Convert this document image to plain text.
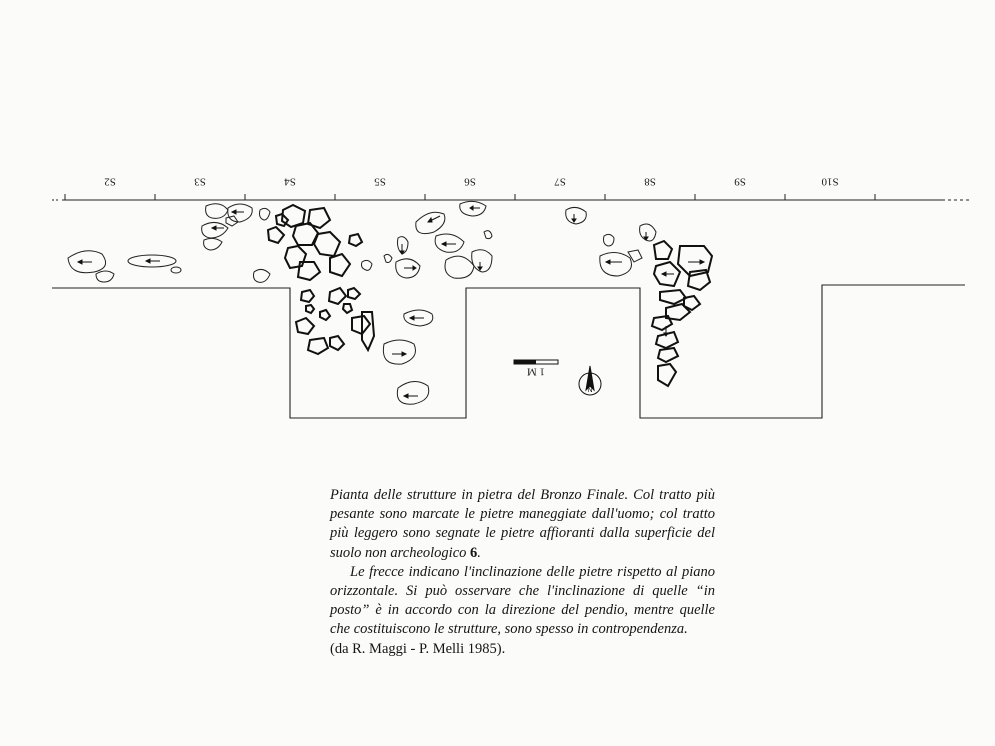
S2	S3	S4	S5	S6	S7	S8	S9	S10
1 M
N

Pianta delle strutture in pietra del Bronzo Finale. Col tratto più pesante sono marcate le pietre maneggiate dall'uomo; col tratto più leggero sono segnate le pietre affioranti dalla superficie del suolo non archeologico 6.

Le frecce indicano l'inclinazione delle pietre rispetto al piano orizzontale. Si può osservare che l'inclinazione di quelle “in posto” è in accordo con la direzione del pendio, mentre quelle che costituiscono le strutture, sono spesso in contropendenza.

(da R. Maggi - P. Melli 1985).
